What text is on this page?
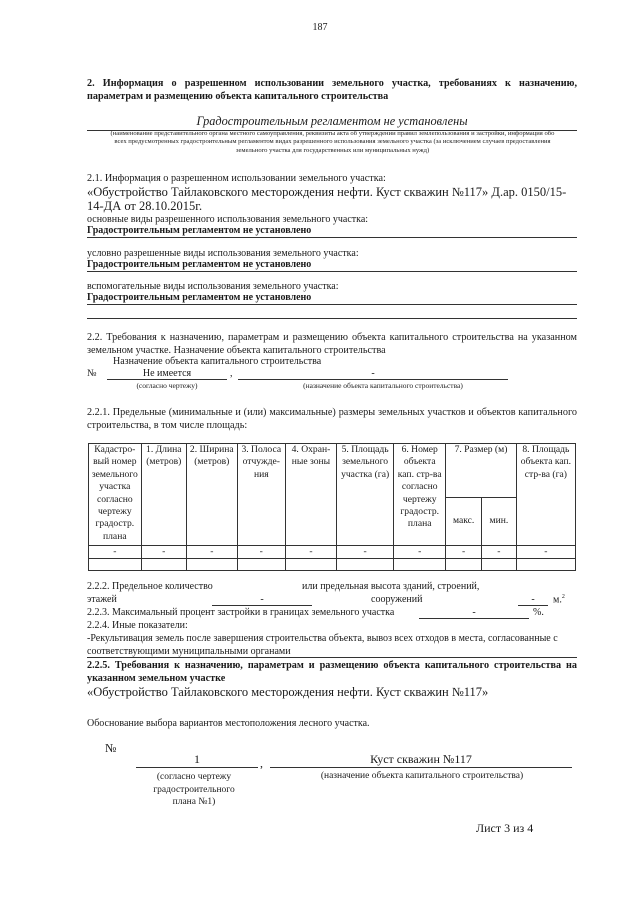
187
2. Информация о разрешенном использовании земельного участка, требованиях к назначению, параметрам и размещению объекта капитального строительства
Градостроительным регламентом не установлены
(наименование представительного органа местного самоуправления, реквизиты акта об утверждении правил землепользования и застройки, информация обо всех предусмотренных градостроительным регламентом видах разрешенного использования земельного участка (за исключением случаев предоставления земельного участка для государственных или муниципальных нужд)
2.1. Информация о разрешенном использовании земельного участка:
«Обустройство Тайлаковского месторождения нефти. Куст скважин №117» Д.ар. 0150/15-14-ДА от 28.10.2015г.
основные виды разрешенного использования земельного участка:
Градостроительным регламентом не установлено
условно разрешенные виды использования земельного участка:
Градостроительным регламентом не установлено
вспомогательные виды использования земельного участка:
Градостроительным регламентом не установлено
2.2. Требования к назначению, параметрам и размещению объекта капитального строительства на указанном земельном участке. Назначение объекта капитального строительства
Назначение объекта капитального строительства
№	Не имеется	,	-
(согласно чертежу)	(назначение объекта капитального строительства)
2.2.1. Предельные (минимальные и (или) максимальные) размеры земельных участков и объектов капитального строительства, в том числе площадь:
Кадастро-вый номер земельного участка согласно чертежу градостр. плана	1. Длина (метров)	2. Ширина (метров)	3. Полоса отчужде-ния	4. Охран-ные зоны	5. Площадь земельного участка (га)	6. Номер объекта кап. стр-ва согласно чертежу градостр. плана	7. Размер (м)		8. Площадь объекта кап. стр-ва (га)
							макс.	мин.	
-	-	-	-	-	-	-	-	-	-

2.2.2. Предельное количество	или предельная высота зданий, строений,
этажей	-	сооружений	-	м.$^2$
2.2.3. Максимальный процент застройки в границах земельного участка	-	%.
2.2.4. Иные показатели:
-Рекультивация земель после завершения строительства объекта, вывоз всех отходов в места, согласованные с соответствующими муниципальными органами
2.2.5. Требования к назначению, параметрам и размещению объекта капитального строительства на указанном земельном участке
«Обустройство Тайлаковского месторождения нефти. Куст скважин №117»
Обоснование выбора вариантов местоположения лесного участка.
№
1	,	Куст скважин №117
(согласно чертежу градостроительного плана №1)
(назначение объекта капитального строительства)
Лист 3 из 4
